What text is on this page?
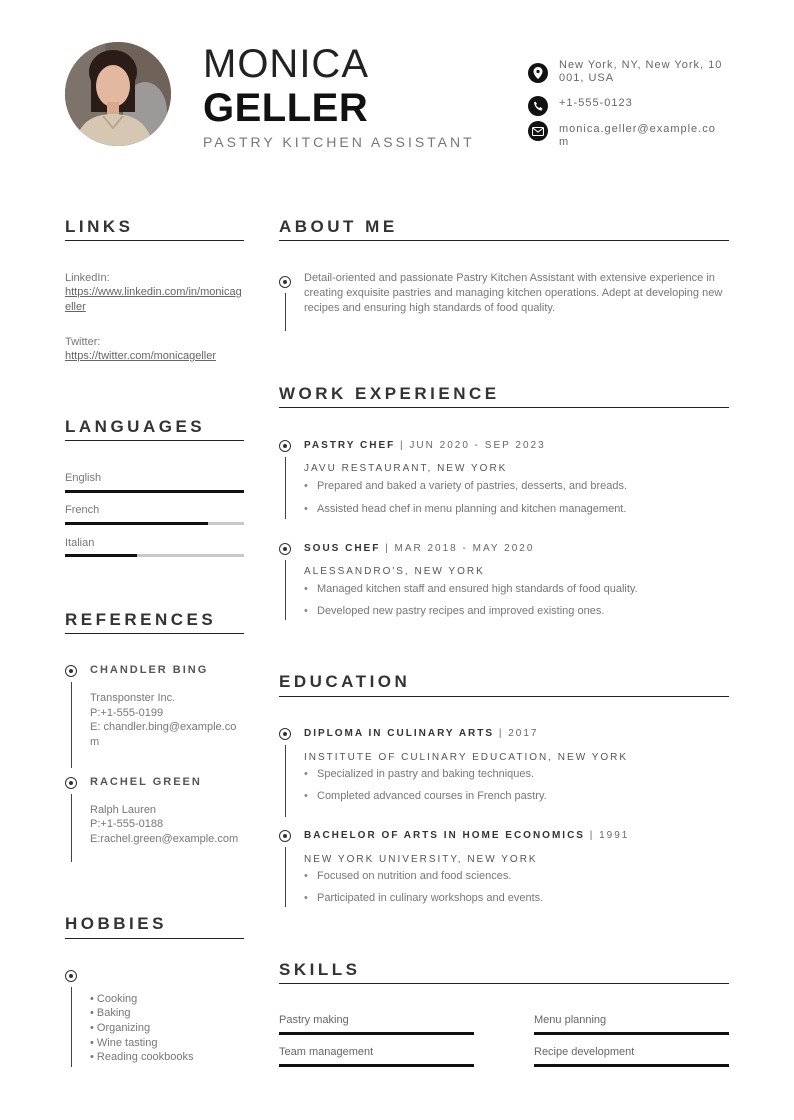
MONICA
GELLER
PASTRY KITCHEN ASSISTANT
New York, NY, New York, 10001, USA
+1-555-0123
monica.geller@example.com
LINKS
LinkedIn:
https://www.linkedin.com/in/monicageller
Twitter:
https://twitter.com/monicageller
LANGUAGES
English
French
Italian
REFERENCES
CHANDLER BING
Transponster Inc.
P:+1-555-0199
E: chandler.bing@example.com
RACHEL GREEN
Ralph Lauren
P:+1-555-0188
E:rachel.green@example.com
HOBBIES
• Cooking
• Baking
• Organizing
• Wine tasting
• Reading cookbooks
ABOUT ME
Detail-oriented and passionate Pastry Kitchen Assistant with extensive experience in creating exquisite pastries and managing kitchen operations. Adept at developing new recipes and ensuring high standards of food quality.
WORK EXPERIENCE
PASTRY CHEF | JUN 2020 - SEP 2023
JAVU RESTAURANT, NEW YORK
• Prepared and baked a variety of pastries, desserts, and breads.
• Assisted head chef in menu planning and kitchen management.
SOUS CHEF | MAR 2018 - MAY 2020
ALESSANDRO'S, NEW YORK
• Managed kitchen staff and ensured high standards of food quality.
• Developed new pastry recipes and improved existing ones.
EDUCATION
DIPLOMA IN CULINARY ARTS | 2017
INSTITUTE OF CULINARY EDUCATION, NEW YORK
• Specialized in pastry and baking techniques.
• Completed advanced courses in French pastry.
BACHELOR OF ARTS IN HOME ECONOMICS | 1991
NEW YORK UNIVERSITY, NEW YORK
• Focused on nutrition and food sciences.
• Participated in culinary workshops and events.
SKILLS
Pastry making	Menu planning
Team management	Recipe development
